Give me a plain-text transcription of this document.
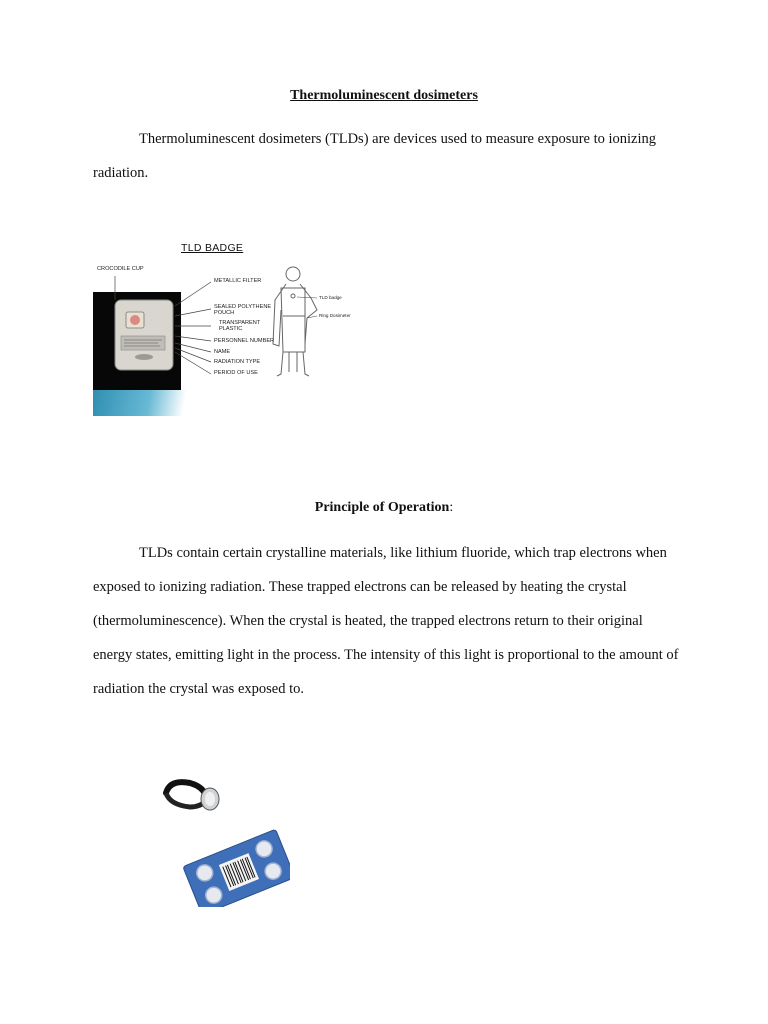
Thermoluminescent dosimeters

Thermoluminescent dosimeters (TLDs) are devices used to measure exposure to ionizing radiation.

TLD BADGE
CROCODILE CUP
METALLIC FILTER
SEALED POLYTHENE POUCH
TRANSPARENT PLASTIC
PERSONNEL NUMBER
NAME
RADIATION TYPE
PERIOD OF USE
TLD badge
Ring Dosimeter
Principle of Operation:

TLDs contain certain crystalline materials, like lithium fluoride, which trap electrons when exposed to ionizing radiation. These trapped electrons can be released by heating the crystal (thermoluminescence). When the crystal is heated, the trapped electrons return to their original energy states, emitting light in the process. The intensity of this light is proportional to the amount of radiation the crystal was exposed to.
